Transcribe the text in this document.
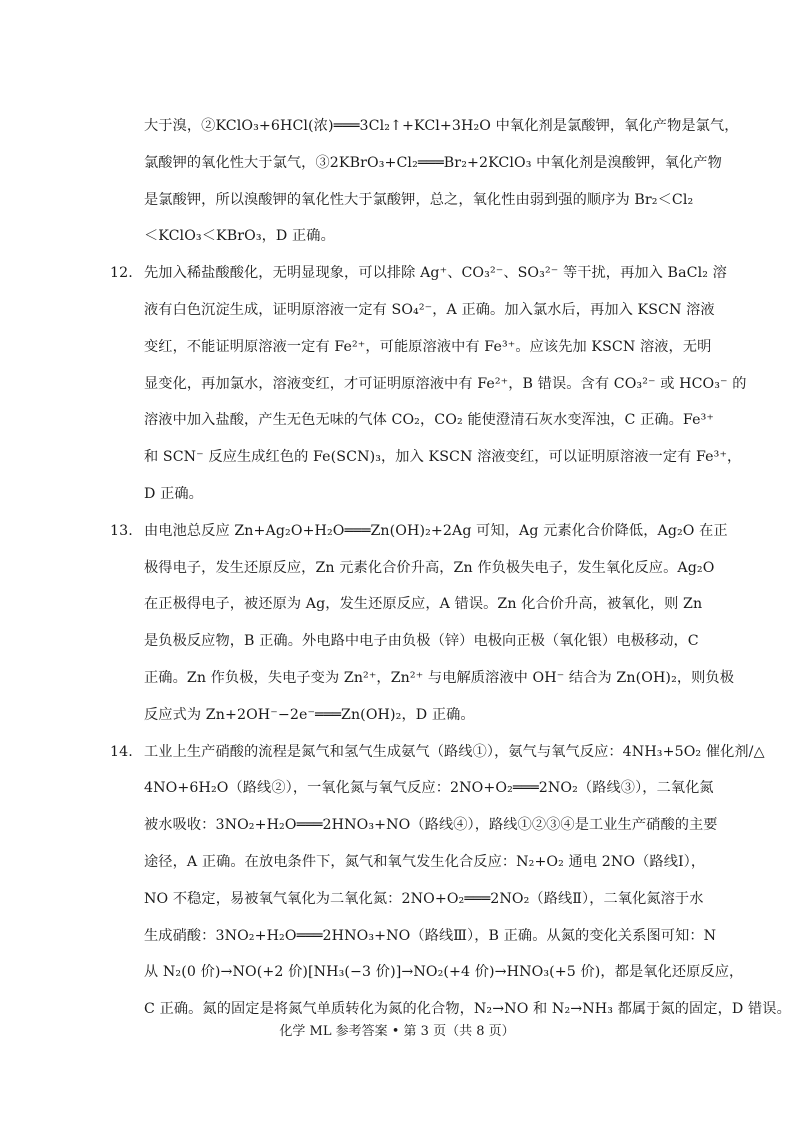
大于溴，②KClO₃+6HCl(浓)═══3Cl₂↑+KCl+3H₂O 中氧化剂是氯酸钾，氧化产物是氯气，
氯酸钾的氧化性大于氯气，③2KBrO₃+Cl₂═══Br₂+2KClO₃ 中氧化剂是溴酸钾，氧化产物
是氯酸钾，所以溴酸钾的氧化性大于氯酸钾，总之，氧化性由弱到强的顺序为 Br₂＜Cl₂
＜KClO₃＜KBrO₃，D 正确。
12. 先加入稀盐酸酸化，无明显现象，可以排除 Ag⁺、CO₃²⁻、SO₃²⁻ 等干扰，再加入 BaCl₂ 溶
液有白色沉淀生成，证明原溶液一定有 SO₄²⁻，A 正确。加入氯水后，再加入 KSCN 溶液
变红，不能证明原溶液一定有 Fe²⁺，可能原溶液中有 Fe³⁺。应该先加 KSCN 溶液，无明
显变化，再加氯水，溶液变红，才可证明原溶液中有 Fe²⁺，B 错误。含有 CO₃²⁻ 或 HCO₃⁻ 的
溶液中加入盐酸，产生无色无味的气体 CO₂，CO₂ 能使澄清石灰水变浑浊，C 正确。Fe³⁺
和 SCN⁻ 反应生成红色的 Fe(SCN)₃，加入 KSCN 溶液变红，可以证明原溶液一定有 Fe³⁺，
D 正确。
13. 由电池总反应 Zn+Ag₂O+H₂O═══Zn(OH)₂+2Ag 可知，Ag 元素化合价降低，Ag₂O 在正
极得电子，发生还原反应，Zn 元素化合价升高，Zn 作负极失电子，发生氧化反应。Ag₂O
在正极得电子，被还原为 Ag，发生还原反应，A 错误。Zn 化合价升高，被氧化，则 Zn
是负极反应物，B 正确。外电路中电子由负极（锌）电极向正极（氧化银）电极移动，C
正确。Zn 作负极，失电子变为 Zn²⁺，Zn²⁺ 与电解质溶液中 OH⁻ 结合为 Zn(OH)₂，则负极
反应式为 Zn+2OH⁻−2e⁻═══Zn(OH)₂，D 正确。
14. 工业上生产硝酸的流程是氮气和氢气生成氨气（路线①），氨气与氧气反应：4NH₃+5O₂ 催化剂/△
4NO+6H₂O（路线②），一氧化氮与氧气反应：2NO+O₂═══2NO₂（路线③），二氧化氮
被水吸收：3NO₂+H₂O═══2HNO₃+NO（路线④），路线①②③④是工业生产硝酸的主要
途径，A 正确。在放电条件下，氮气和氧气发生化合反应：N₂+O₂ 通电 2NO（路线Ⅰ），
NO 不稳定，易被氧气氧化为二氧化氮：2NO+O₂═══2NO₂（路线Ⅱ），二氧化氮溶于水
生成硝酸：3NO₂+H₂O═══2HNO₃+NO（路线Ⅲ），B 正确。从氮的变化关系图可知：N
从 N₂(0 价)→NO(+2 价)[NH₃(−3 价)]→NO₂(+4 价)→HNO₃(+5 价)，都是氧化还原反应，
C 正确。氮的固定是将氮气单质转化为氮的化合物，N₂→NO 和 N₂→NH₃ 都属于氮的固定，D 错误。
化学 ML 参考答案 • 第 3 页（共 8 页）
